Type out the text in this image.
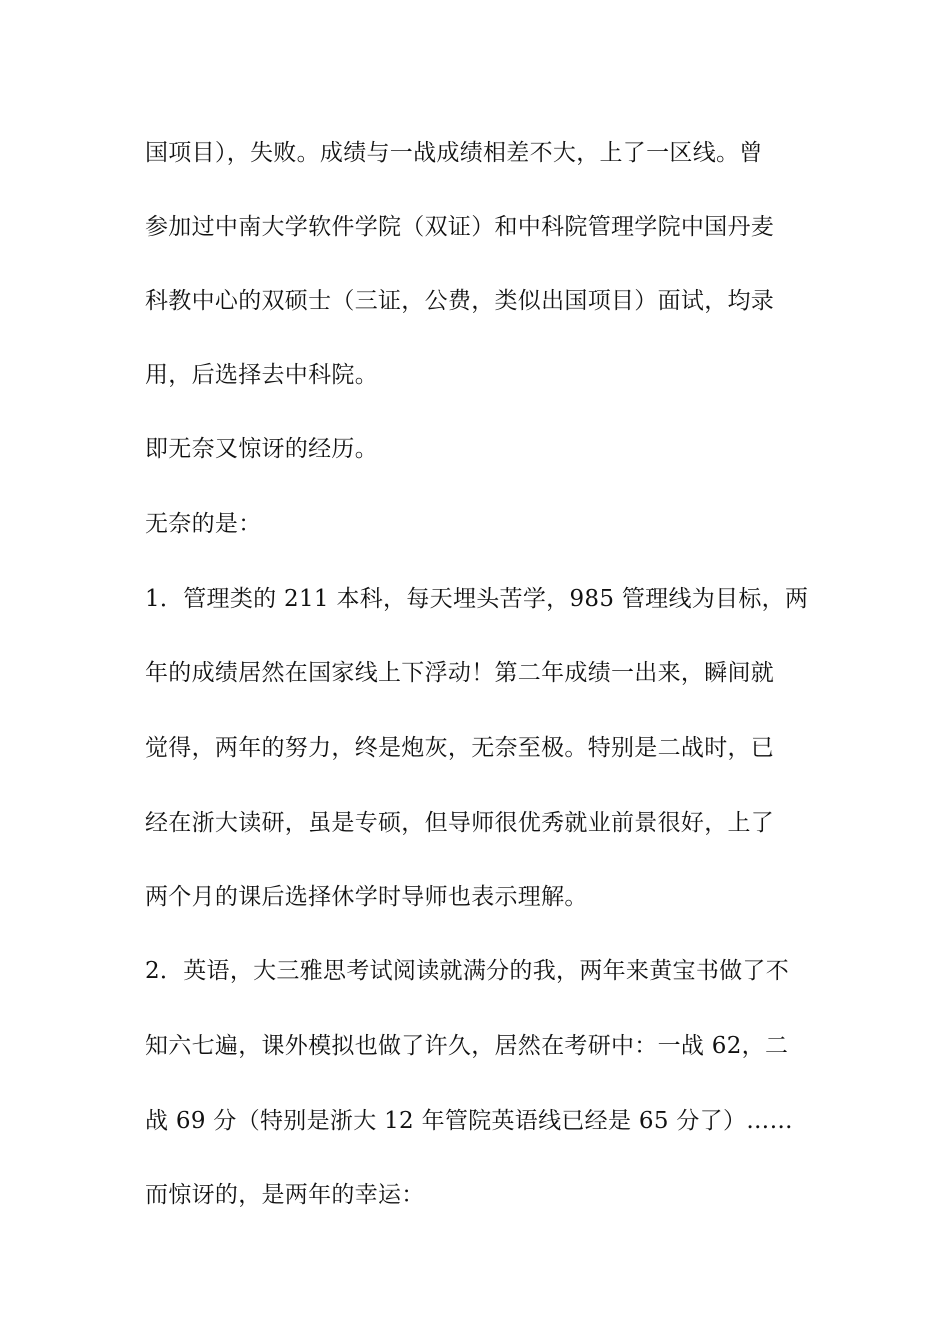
国项目），失败。成绩与一战成绩相差不大，上了一区线。曾
参加过中南大学软件学院（双证）和中科院管理学院中国丹麦
科教中心的双硕士（三证，公费，类似出国项目）面试，均录
用，后选择去中科院。
即无奈又惊讶的经历。
无奈的是：
1．管理类的 211 本科，每天埋头苦学，985 管理线为目标，两
年的成绩居然在国家线上下浮动！第二年成绩一出来，瞬间就
觉得，两年的努力，终是炮灰，无奈至极。特别是二战时，已
经在浙大读研，虽是专硕，但导师很优秀就业前景很好，上了
两个月的课后选择休学时导师也表示理解。
2．英语，大三雅思考试阅读就满分的我，两年来黄宝书做了不
知六七遍，课外模拟也做了许久，居然在考研中：一战 62，二
战 69 分（特别是浙大 12 年管院英语线已经是 65 分了）……
而惊讶的，是两年的幸运：
